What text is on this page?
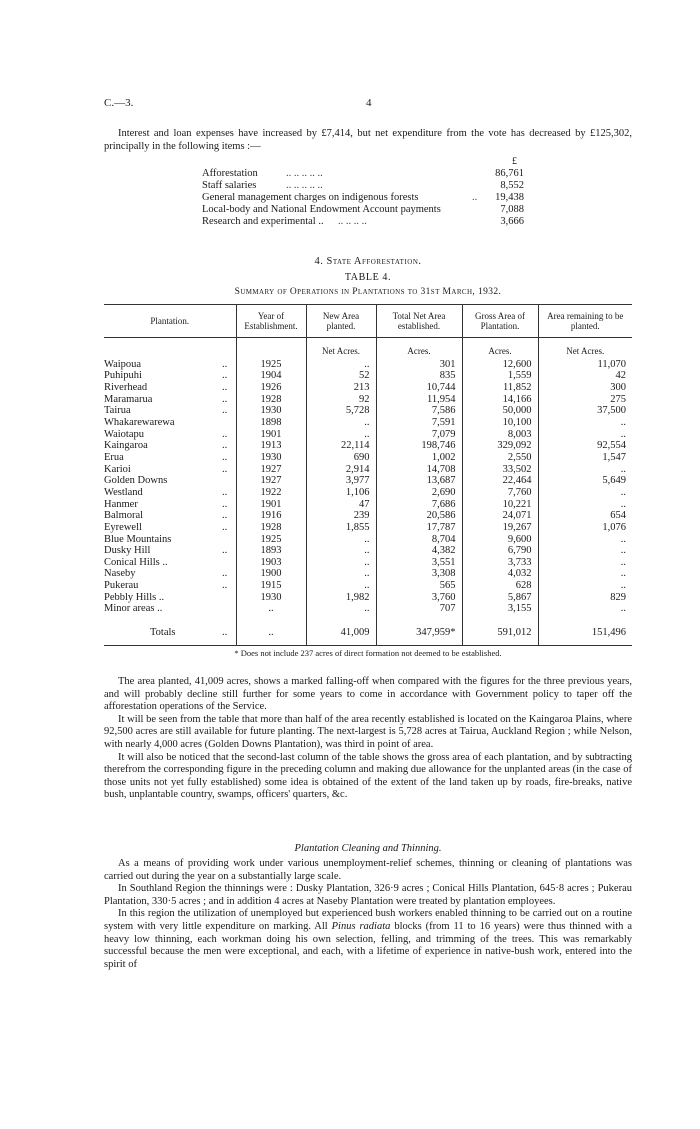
C.—3.	4

Interest and loan expenses have increased by £7,414, but net expenditure from the vote has decreased by £125,302, principally in the following items :—

£
Afforestation	.. .. .. .. ..	86,761
Staff salaries	.. .. .. .. ..	8,552
General management charges on indigenous forests	.. 19,438
Local-body and National Endowment Account payments	7,088
Research and experimental .. .. .. .. ..	3,666
4. State Afforestation.
TABLE 4.
Summary of Operations in Plantations to 31st March, 1932.
Plantation.	Year of Establishment.	New Area planted.	Total Net Area established.	Gross Area of Plantation.	Area remaining to be planted.
		Net Acres.	Acres.	Acres.	Net Acres.
Waipoua ..	1925	..	301	12,600	11,070
Puhipuhi ..	1904	52	835	1,559	42
Riverhead ..	1926	213	10,744	11,852	300
Maramarua ..	1928	92	11,954	14,166	275
Tairua ..	1930	5,728	7,586	50,000	37,500
Whakarewarewa	1898	..	7,591	10,100	..
Waiotapu ..	1901	..	7,079	8,003	..
Kaingaroa ..	1913	22,114	198,746	329,092	92,554
Erua ..	1930	690	1,002	2,550	1,547
Karioi ..	1927	2,914	14,708	33,502	..
Golden Downs	1927	3,977	13,687	22,464	5,649
Westland ..	1922	1,106	2,690	7,760	..
Hanmer ..	1901	47	7,686	10,221	..
Balmoral ..	1916	239	20,586	24,071	654
Eyrewell ..	1928	1,855	17,787	19,267	1,076
Blue Mountains	1925	..	8,704	9,600	..
Dusky Hill ..	1893	..	4,382	6,790	..
Conical Hills ..	1903	..	3,551	3,733	..
Naseby ..	1900	..	3,308	4,032	..
Pukerau ..	1915	..	565	628	..
Pebbly Hills ..	1930	1,982	3,760	5,867	829
Minor areas ..	..	..	707	3,155	..
Totals ..	..	41,009	347,959*	591,012	151,496
* Does not include 237 acres of direct formation not deemed to be established.

The area planted, 41,009 acres, shows a marked falling-off when compared with the figures for the three previous years, and will probably decline still further for some years to come in accordance with Government policy to taper off the afforestation operations of the Service.

It will be seen from the table that more than half of the area recently established is located on the Kaingaroa Plains, where 92,500 acres are still available for future planting. The next-largest is 5,728 acres at Tairua, Auckland Region ; while Nelson, with nearly 4,000 acres (Golden Downs Plantation), was third in point of area.

It will also be noticed that the second-last column of the table shows the gross area of each plantation, and by subtracting therefrom the corresponding figure in the preceding column and making due allowance for the unplanted areas (in the case of those units not yet fully established) some idea is obtained of the extent of the land taken up by roads, fire-breaks, native bush, unplantable country, swamps, officers' quarters, &c.

Plantation Cleaning and Thinning.

As a means of providing work under various unemployment-relief schemes, thinning or cleaning of plantations was carried out during the year on a substantially large scale.

In Southland Region the thinnings were : Dusky Plantation, 326·9 acres ; Conical Hills Plantation, 645·8 acres ; Pukerau Plantation, 330·5 acres ; and in addition 4 acres at Naseby Plantation were treated by plantation employees.

In this region the utilization of unemployed but experienced bush workers enabled thinning to be carried out on a routine system with very little expenditure on marking. All Pinus radiata blocks (from 11 to 16 years) were thus thinned with a heavy low thinning, each workman doing his own selection, felling, and trimming of the trees. This was remarkably successful because the men were exceptional, and each, with a lifetime of experience in native-bush work, entered into the spirit of
